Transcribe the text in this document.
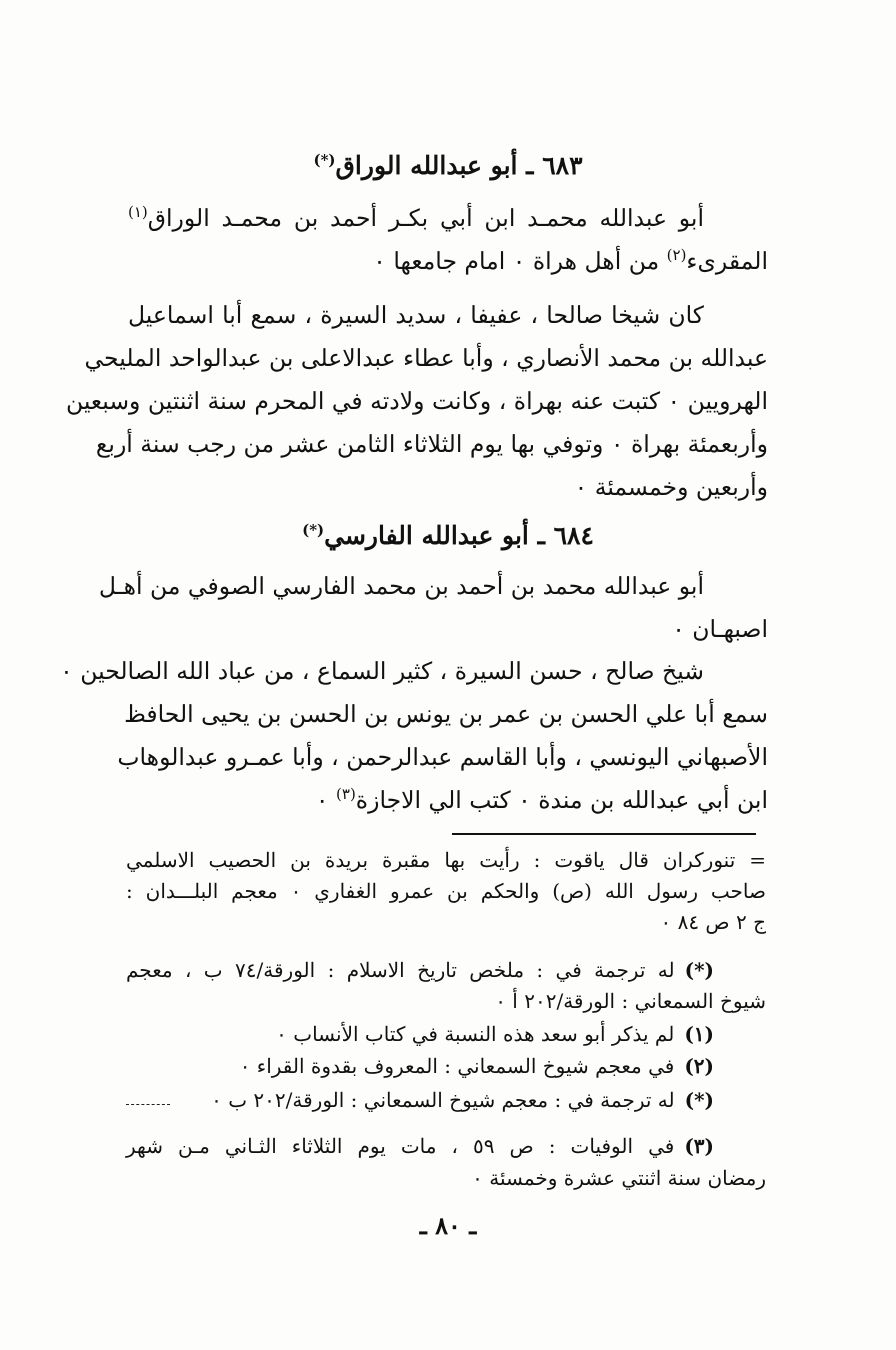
٦٨٣ ـ أبو عبدالله الوراق(*)
أبو عبدالله محمـد ابن أبي بكـر أحمد بن محمـد الوراق$^{(١)}$
المقرىء$^{(٢)}$ من أهل هراة ٠ امام جامعها ٠
كان شيخا صالحا ، عفيفا ، سديد السيرة ، سمع أبا اسماعيل
عبدالله بن محمد الأنصاري ، وأبا عطاء عبدالاعلى بن عبدالواحد المليحي
الهرويين ٠ كتبت عنه بهراة ، وكانت ولادته في المحرم سنة اثنتين وسبعين
وأربعمئة بهراة ٠ وتوفي بها يوم الثلاثاء الثامن عشر من رجب سنة أربع
وأربعين وخمسمئة ٠
٦٨٤ ـ أبو عبدالله الفارسي(*)
أبو عبدالله محمد بن أحمد بن محمد الفارسي الصوفي من أهـل
اصبهـان ٠
شيخ صالح ، حسن السيرة ، كثير السماع ، من عباد الله الصالحين ٠
سمع أبا علي الحسن بن عمر بن يونس بن الحسن بن يحيى الحافظ
الأصبهاني اليونسي ، وأبا القاسم عبدالرحمن ، وأبا عمـرو عبدالوهاب
ابن أبي عبدالله بن مندة ٠ كتب الي الاجازة$^{(٣)}$ ٠
= تنوركران قال ياقوت : رأيت بها مقبرة بريدة بن الحصيب الاسلمي
صاحب رسول الله (ص) والحكم بن عمرو الغفاري ٠ معجم البلـــدان :
ج ٢ ص ٨٤ ٠
(*)له ترجمة في : ملخص تاريخ الاسلام : الورقة/٧٤ ب ، معجم
شيوخ السمعاني : الورقة/٢٠٢ أ ٠
(١)لم يذكر أبو سعد هذه النسبة في كتاب الأنساب ٠
(٢)في معجم شيوخ السمعاني : المعروف بقدوة القراء ٠
(*)له ترجمة في : معجم شيوخ السمعاني : الورقة/٢٠٢ ب ٠
(٣)في الوفيات : ص ٥٩ ، مات يوم الثلاثاء الثـاني مـن شهر
رمضان سنة اثنتي عشرة وخمسئة ٠
ـ ٨٠ ـ
